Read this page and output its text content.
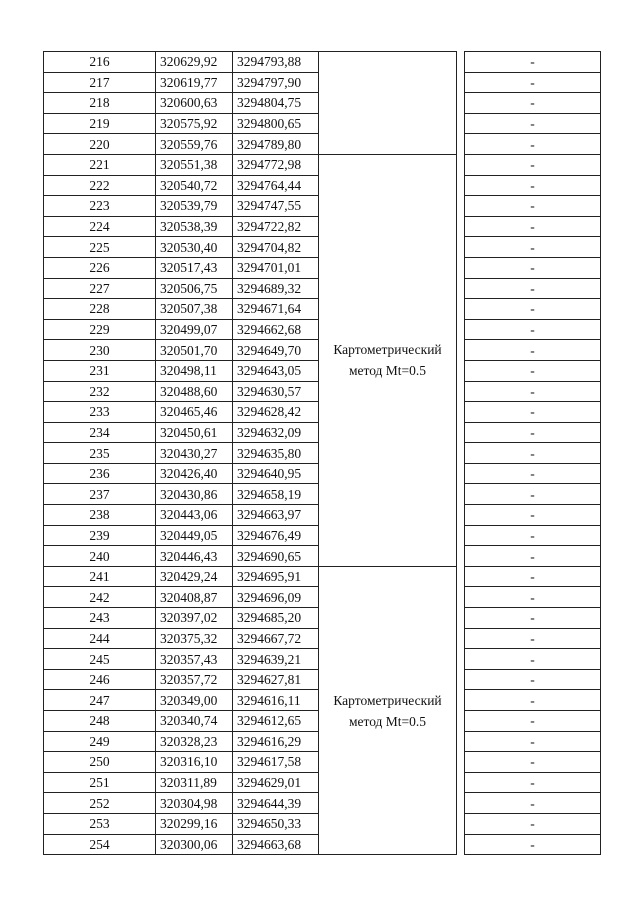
216	320629,92	3294793,88			-
217	320619,77	3294797,90			-
218	320600,63	3294804,75			-
219	320575,92	3294800,65			-
220	320559,76	3294789,80			-
221	320551,38	3294772,98	Картометрический метод Mt=0.5		-
222	320540,72	3294764,44			-
223	320539,79	3294747,55			-
224	320538,39	3294722,82			-
225	320530,40	3294704,82			-
226	320517,43	3294701,01			-
227	320506,75	3294689,32			-
228	320507,38	3294671,64			-
229	320499,07	3294662,68			-
230	320501,70	3294649,70			-
231	320498,11	3294643,05			-
232	320488,60	3294630,57			-
233	320465,46	3294628,42			-
234	320450,61	3294632,09			-
235	320430,27	3294635,80			-
236	320426,40	3294640,95			-
237	320430,86	3294658,19			-
238	320443,06	3294663,97			-
239	320449,05	3294676,49			-
240	320446,43	3294690,65			-
241	320429,24	3294695,91	Картометрический метод Mt=0.5		-
242	320408,87	3294696,09			-
243	320397,02	3294685,20			-
244	320375,32	3294667,72			-
245	320357,43	3294639,21			-
246	320357,72	3294627,81			-
247	320349,00	3294616,11			-
248	320340,74	3294612,65			-
249	320328,23	3294616,29			-
250	320316,10	3294617,58			-
251	320311,89	3294629,01			-
252	320304,98	3294644,39			-
253	320299,16	3294650,33			-
254	320300,06	3294663,68			-
